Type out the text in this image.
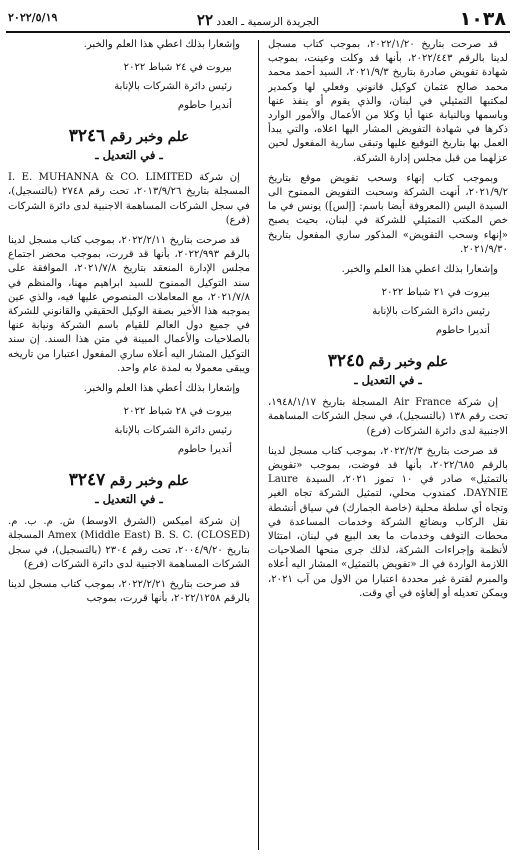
١٠٣٨
الجريدة الرسمية ـ العدد ٢٢
٢٠٢٢/٥/١٩

قد صرحت بتاريخ ٢٠٢٢/١/٢٠، بموجب كتاب مسجل لدينا بالرقم ٢٠٢٢/٤٤٣، بأنها قد وكلت وعينت، بموجب شهادة تفويض صادرة بتاريخ ٢٠٢١/٩/٣، السيد أحمد محمد محمد صالح عثمان كوكيل قانوني وفعلي لها وكمدير لمكتبها التمثيلي في لبنان، والذي يقوم أو ينفذ عنها وباسمها وبالنيابة عنها أيا وكلا من الأعمال والأمور الوارد ذكرها في شهادة التفويض المشار اليها اعلاه، والتي يبدأ العمل بها بتاريخ التوقيع عليها وتبقى سارية المفعول لحين عزلهما من قبل مجلس إدارة الشركة.

وبموجب كتاب إنهاء وسحب تفويض موقع بتاريخ ٢٠٢١/٩/٢، أنهت الشركة وسحبت التفويض الممنوح الى السيدة اليس (المعروفة أيضا باسم: [إلس]) يونس في ما خص المكتب التمثيلي للشركة في لبنان، بحيث يصبح «إنهاء وسحب التفويض» المذكور ساري المفعول بتاريخ ٢٠٢١/٩/٣٠.

وإشعارا بذلك اعطي هذا العلم والخبر.

بيروت في ٢١ شباط ٢٠٢٢

رئيس دائرة الشركات بالإنابة

أنديرا حاطوم

علم وخبر رقم ٣٢٤٥
ـ في التعديل ـ

إن شركة Air France المسجلة بتاريخ ١٩٤٨/١/١٧، تحت رقم ١٣٨ (بالتسجيل)، في سجل الشركات المساهمة الاجنبية لدى دائرة الشركات (فرع)

قد صرحت بتاريخ ٢٠٢٢/٢/٣، بموجب كتاب مسجل لدينا بالرقم ٢٠٢٢/٦٨٥، بأنها قد فوضت، بموجب «تفويض بالتمثيل» صادر في ١٠ تموز ٢٠٢١، السيدة Laure DAYNIE، كمندوب محلي، لتمثيل الشركة تجاه الغير وتجاه أي سلطة محلية (خاصة الجمارك) في سياق أنشطة نقل الركاب وبضائع الشركة وخدمات المساعدة في محطات التوقف وخدمات ما بعد البيع في لبنان، امتثالا لأنظمة وإجراءات الشركة، لذلك جرى منحها الصلاحيات اللازمة الواردة في الـ «تفويض بالتمثيل» المشار اليه أعلاه والمبرم لفترة غير محددة اعتبارا من الاول من آب ٢٠٢١، ويمكن تعديله أو إلغاؤه في أي وقت.

وإشعارا بذلك اعطي هذا العلم والخبر.

بيروت في ٢٤ شباط ٢٠٢٢

رئيس دائرة الشركات بالإنابة

أنديرا حاطوم

علم وخبر رقم ٣٢٤٦
ـ في التعديل ـ

إن شركة I. E. MUHANNA & CO. LIMITED المسجلة بتاريخ ٢٠١٣/٩/٢٦، تحت رقم ٢٧٤٨ (بالتسجيل)، في سجل الشركات المساهمة الاجنبية لدى دائرة الشركات (فرع)

قد صرحت بتاريخ ٢٠٢٢/٢/١١، بموجب كتاب مسجل لدينا بالرقم ٢٠٢٢/٩٩٣، بأنها قد قررت، بموجب محضر اجتماع مجلس الإدارة المنعقد بتاريخ ٢٠٢١/٧/٨، الموافقة على سند التوكيل الممنوح للسيد ابراهيم مهنا، والمنظم في ٢٠٢١/٧/٨، مع المعاملات المنصوص عليها فيه، والذي عين بموجبه هذا الأخير بصفة الوكيل الحقيقي والقانوني للشركة في جميع دول العالم للقيام باسم الشركة ونيابة عنها بالصلاحيات والأعمال المبينة في متن هذا السند. إن سند التوكيل المشار اليه أعلاه ساري المفعول اعتبارا من تاريخه ويبقى معمولا به لمدة عام واحد.

وإشعارا بذلك أعطي هذا العلم والخبر.

بيروت في ٢٨ شباط ٢٠٢٢

رئيس دائرة الشركات بالإنابة

أنديرا حاطوم

علم وخبر رقم ٣٢٤٧
ـ في التعديل ـ

إن شركة اميكس (الشرق الاوسط) ش. م. ب. م. Amex (Middle East) B. S. C. (CLOSED) المسجلة بتاريخ ٢٠٠٤/٩/٢٠، تحت رقم ٢٣٠٤ (بالتسجيل)، في سجل الشركات المساهمة الاجنبية لدى دائرة الشركات (فرع)

قد صرحت بتاريخ ٢٠٢٢/٢/٢١، بموجب كتاب مسجل لدينا بالرقم ٢٠٢٢/١٢٥٨، بأنها قررت، بموجب
